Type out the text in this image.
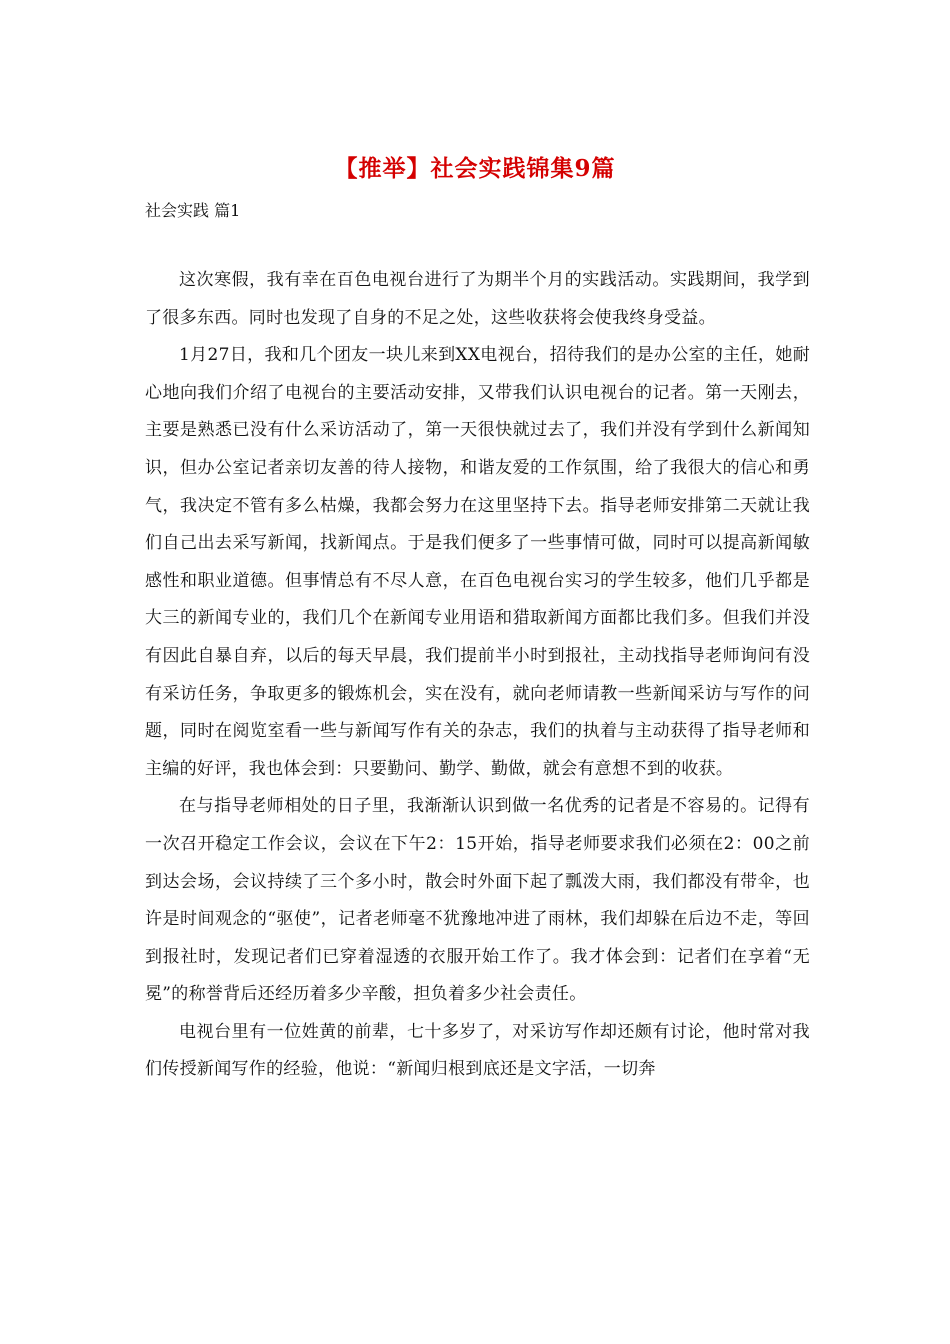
【推举】社会实践锦集9篇
社会实践 篇1

这次寒假，我有幸在百色电视台进行了为期半个月的实践活动。实践期间，我学到了很多东西。同时也发现了自身的不足之处，这些收获将会使我终身受益。

1月27日，我和几个团友一块儿来到XX电视台，招待我们的是办公室的主任，她耐心地向我们介绍了电视台的主要活动安排，又带我们认识电视台的记者。第一天刚去，主要是熟悉已没有什么采访活动了，第一天很快就过去了，我们并没有学到什么新闻知识，但办公室记者亲切友善的待人接物，和谐友爱的工作氛围，给了我很大的信心和勇气，我决定不管有多么枯燥，我都会努力在这里坚持下去。指导老师安排第二天就让我们自己出去采写新闻，找新闻点。于是我们便多了一些事情可做，同时可以提高新闻敏感性和职业道德。但事情总有不尽人意，在百色电视台实习的学生较多，他们几乎都是大三的新闻专业的，我们几个在新闻专业用语和猎取新闻方面都比我们多。但我们并没有因此自暴自弃，以后的每天早晨，我们提前半小时到报社，主动找指导老师询问有没有采访任务，争取更多的锻炼机会，实在没有，就向老师请教一些新闻采访与写作的问题，同时在阅览室看一些与新闻写作有关的杂志，我们的执着与主动获得了指导老师和主编的好评，我也体会到：只要勤问、勤学、勤做，就会有意想不到的收获。

在与指导老师相处的日子里，我渐渐认识到做一名优秀的记者是不容易的。记得有一次召开稳定工作会议，会议在下午2：15开始，指导老师要求我们必须在2：00之前到达会场，会议持续了三个多小时，散会时外面下起了瓢泼大雨，我们都没有带伞，也许是时间观念的“驱使”，记者老师毫不犹豫地冲进了雨林，我们却躲在后边不走，等回到报社时，发现记者们已穿着湿透的衣服开始工作了。我才体会到：记者们在享着“无冕”的称誉背后还经历着多少辛酸，担负着多少社会责任。

电视台里有一位姓黄的前辈，七十多岁了，对采访写作却还颇有讨论，他时常对我们传授新闻写作的经验，他说：“新闻归根到底还是文字活，一切奔
